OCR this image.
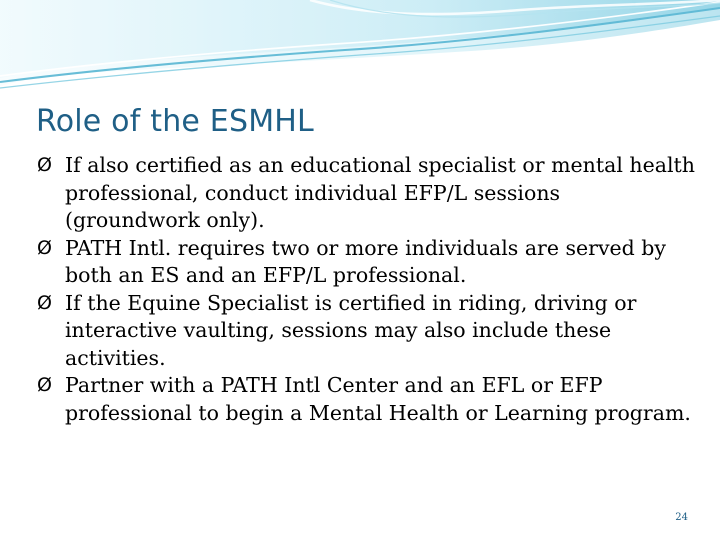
Role of the ESMHL
Ø If also certified as an educational specialist or mental health professional, conduct individual EFP/L sessions (groundwork only).
Ø PATH Intl. requires two or more individuals are served by both an ES and an EFP/L professional.
Ø If the Equine Specialist is certified in riding, driving or interactive vaulting, sessions may also include these activities.
Ø Partner with a PATH Intl Center and an EFL or EFP professional to begin a Mental Health or Learning program.
24
